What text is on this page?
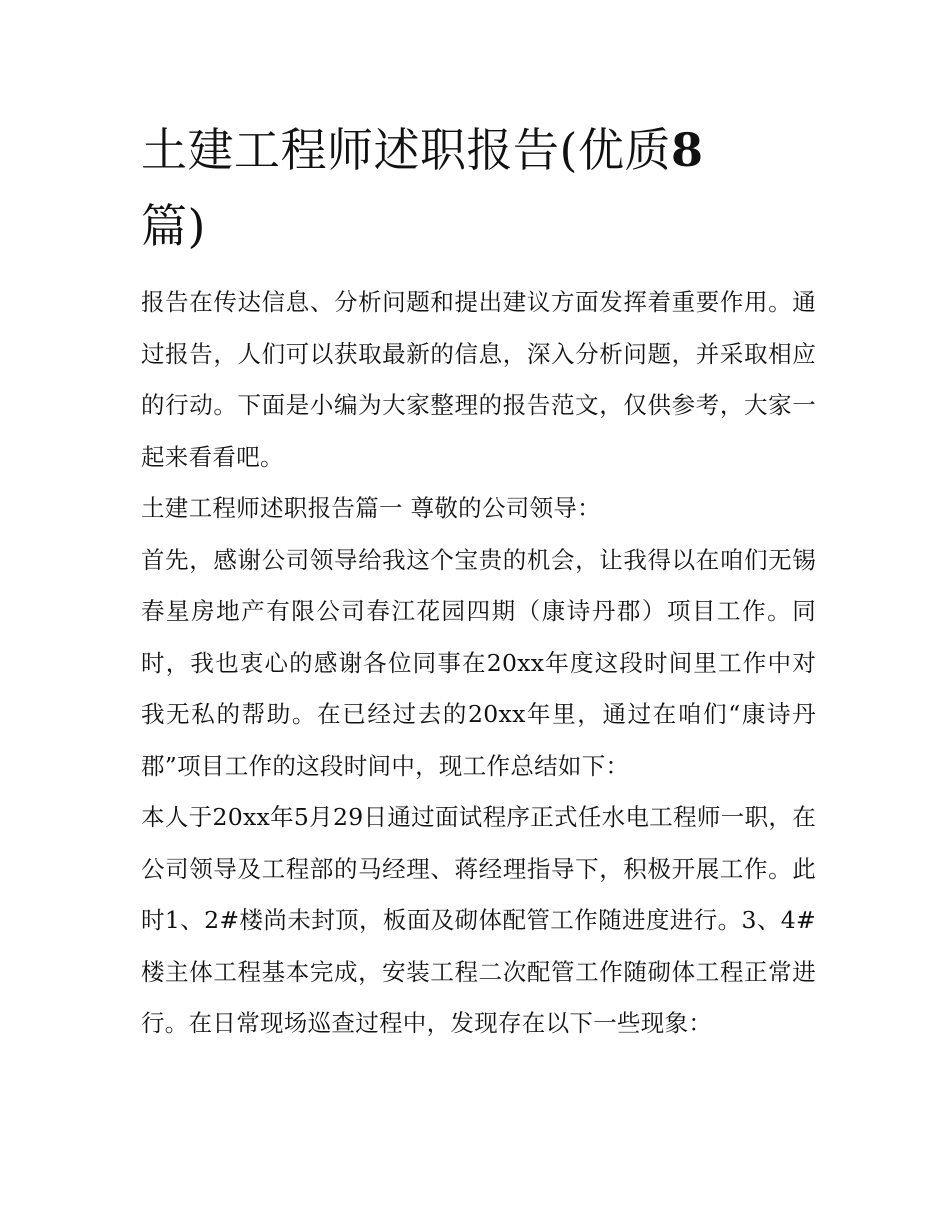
土建工程师述职报告(优质8
篇)

报告在传达信息、分析问题和提出建议方面发挥着重要作用。通过报告，人们可以获取最新的信息，深入分析问题，并采取相应的行动。下面是小编为大家整理的报告范文，仅供参考，大家一起来看看吧。

土建工程师述职报告篇一 尊敬的公司领导：

首先，感谢公司领导给我这个宝贵的机会，让我得以在咱们无锡春星房地产有限公司春江花园四期（康诗丹郡）项目工作。同时，我也衷心的感谢各位同事在20xx年度这段时间里工作中对我无私的帮助。在已经过去的20xx年里，通过在咱们“康诗丹郡”项目工作的这段时间中，现工作总结如下：

本人于20xx年5月29日通过面试程序正式任水电工程师一职，在公司领导及工程部的马经理、蒋经理指导下，积极开展工作。此时1、2#楼尚未封顶，板面及砌体配管工作随进度进行。3、4#楼主体工程基本完成，安装工程二次配管工作随砌体工程正常进行。在日常现场巡查过程中，发现存在以下一些现象：
